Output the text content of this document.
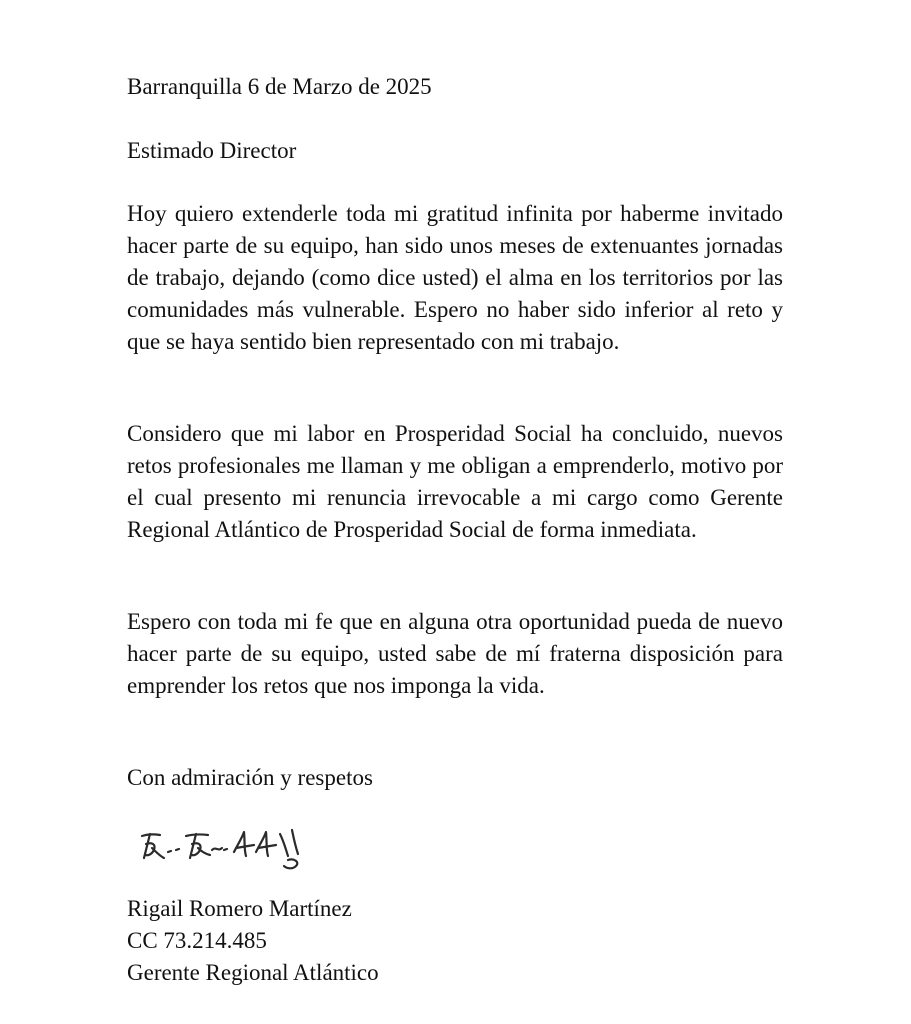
Barranquilla 6 de Marzo de 2025

Estimado Director

Hoy quiero extenderle toda mi gratitud infinita por haberme invitado hacer parte de su equipo, han sido unos meses de extenuantes jornadas de trabajo, dejando (como dice usted) el alma en los territorios por las comunidades más vulnerable. Espero no haber sido inferior al reto y que se haya sentido bien representado con mi trabajo.

Considero que mi labor en Prosperidad Social ha concluido, nuevos retos profesionales me llaman y me obligan a emprenderlo, motivo por el cual presento mi renuncia irrevocable a mi cargo como Gerente Regional Atlántico de Prosperidad Social de forma inmediata.

Espero con toda mi fe que en alguna otra oportunidad pueda de nuevo hacer parte de su equipo, usted sabe de mí fraterna disposición para emprender los retos que nos imponga la vida.

Con admiración y respetos

Rigail Romero Martínez

CC 73.214.485

Gerente Regional Atlántico
